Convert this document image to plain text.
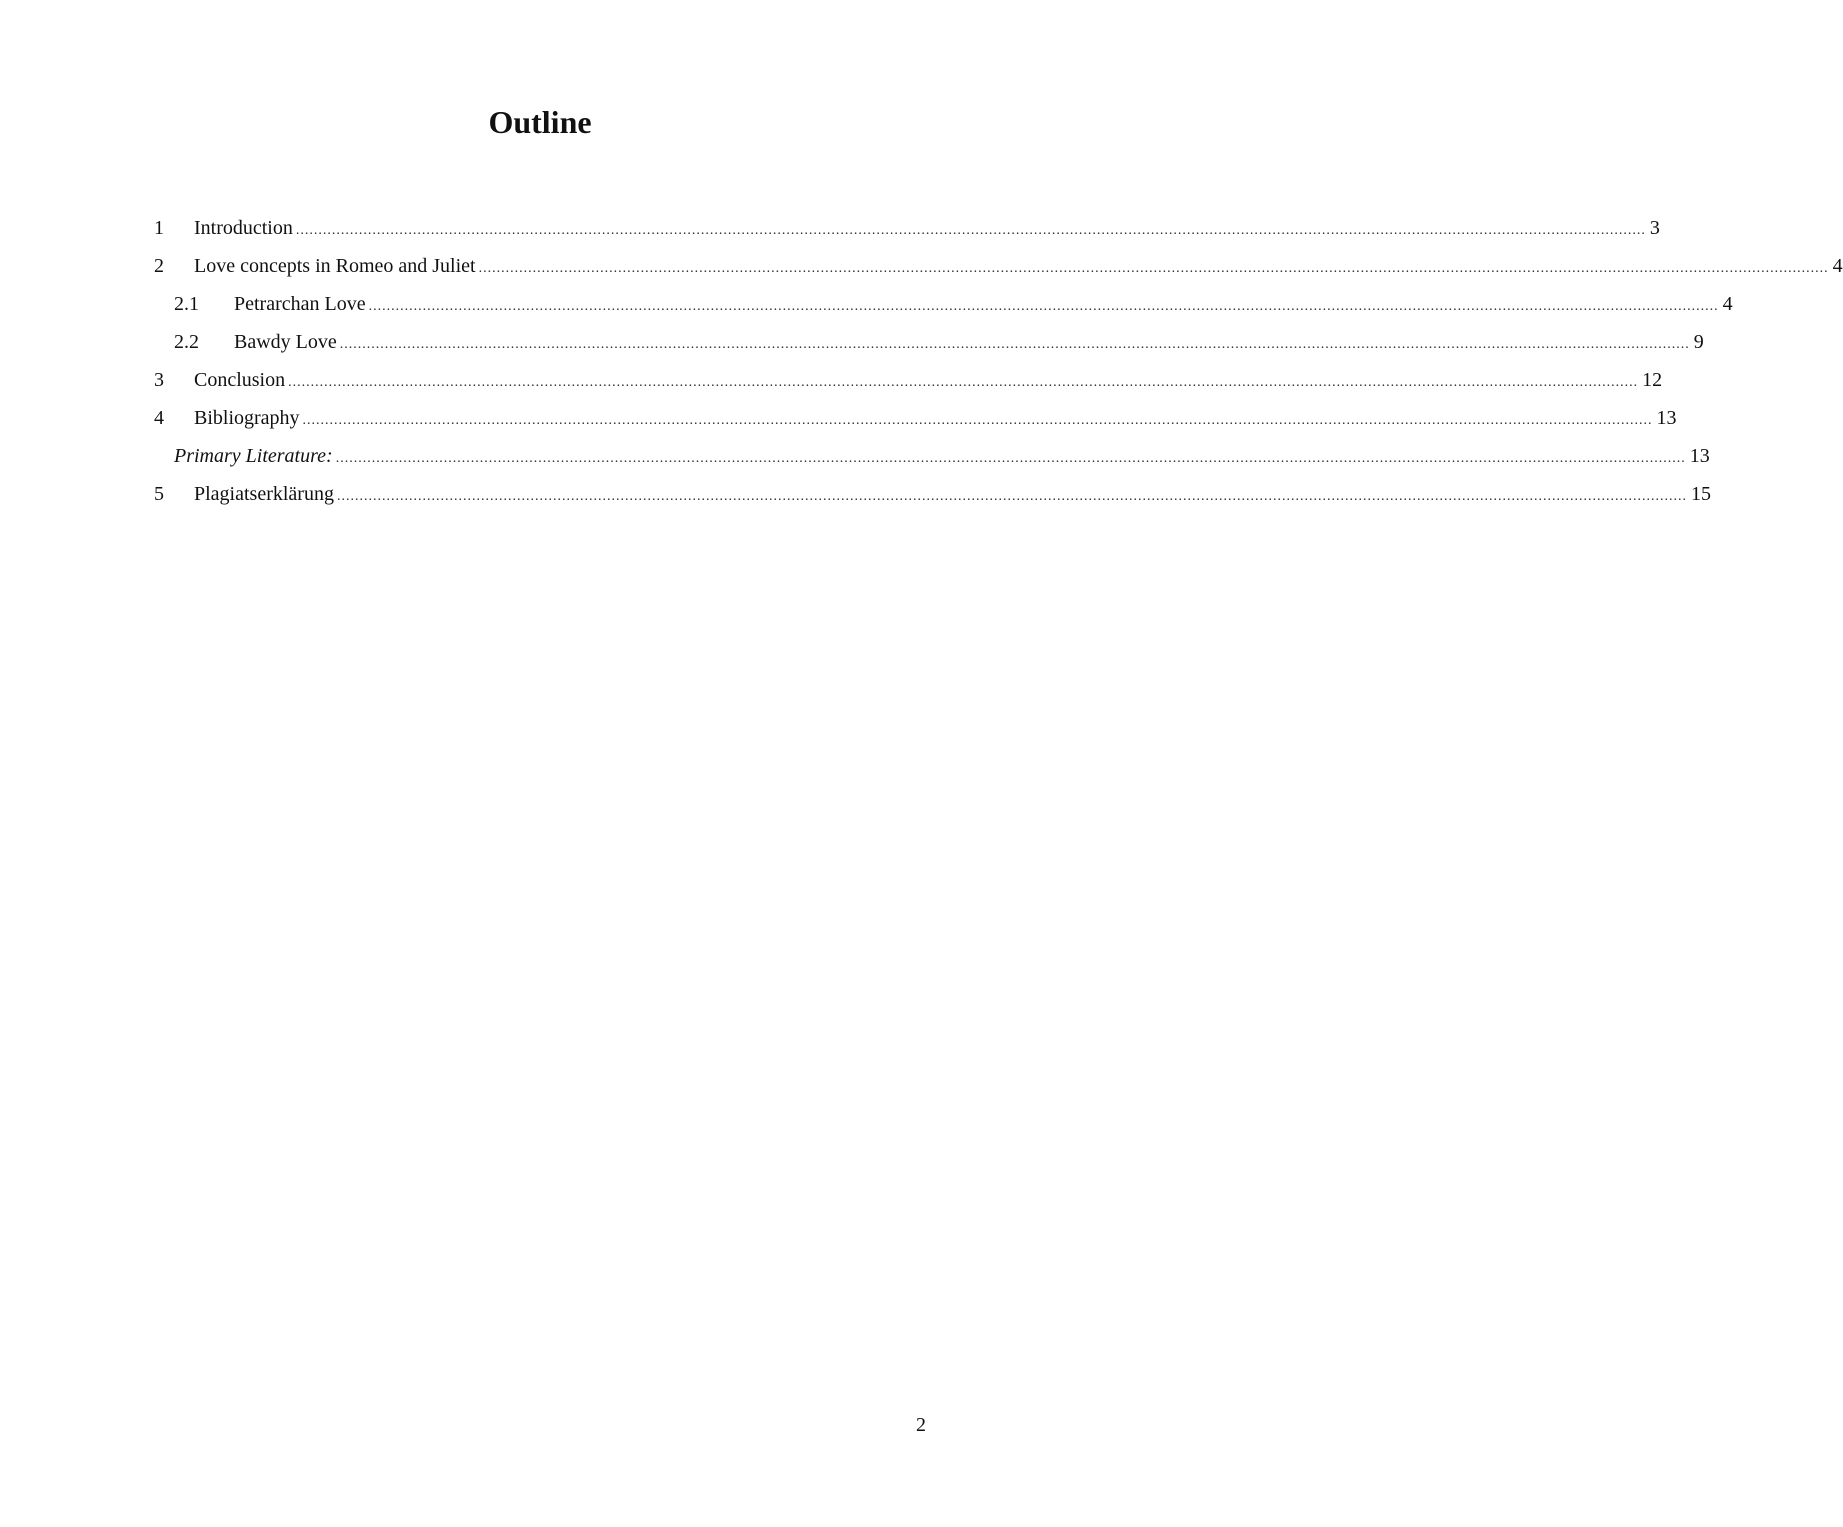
Outline
1 Introduction ............................................................................................................................................................................................................................................................................................................ 3
2 Love concepts in Romeo and Juliet ............................................................................................................................................................................................................................................................................................................ 4
2.1 Petrarchan Love ............................................................................................................................................................................................................................................................................................................ 4
2.2 Bawdy Love ............................................................................................................................................................................................................................................................................................................ 9
3 Conclusion ............................................................................................................................................................................................................................................................................................................ 12
4 Bibliography ............................................................................................................................................................................................................................................................................................................ 13
Primary Literature: ............................................................................................................................................................................................................................................................................................................ 13
5 Plagiatserklärung ............................................................................................................................................................................................................................................................................................................ 15
2
